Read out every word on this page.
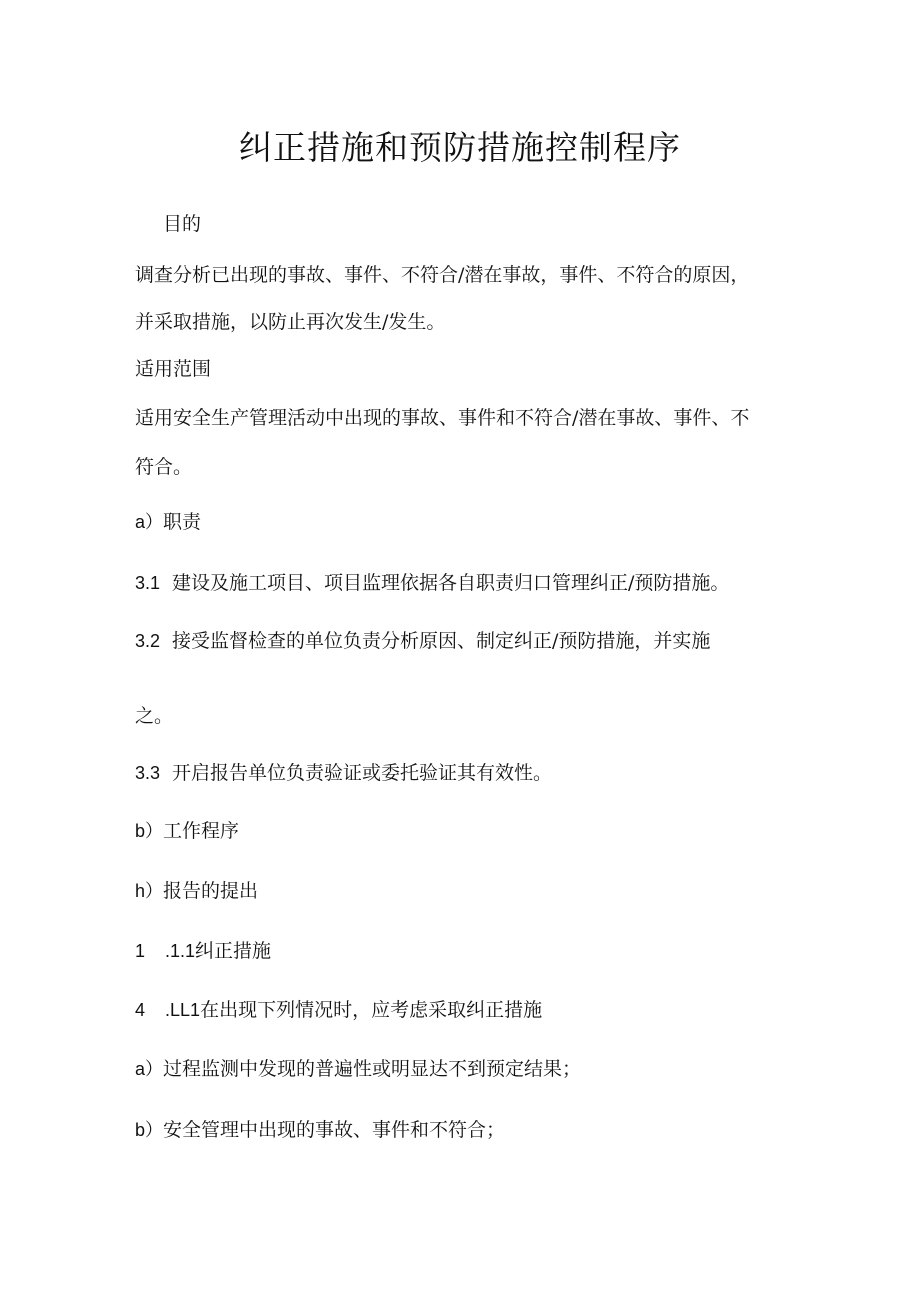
纠正措施和预防措施控制程序
目的
调查分析已出现的事故、事件、不符合/潜在事故，事件、不符合的原因，
并采取措施，以防止再次发生/发生。
适用范围
适用安全生产管理活动中出现的事故、事件和不符合/潜在事故、事件、不
符合。
a）职责
3.1 建设及施工项目、项目监理依据各自职责归口管理纠正/预防措施。
3.2 接受监督检查的单位负责分析原因、制定纠正/预防措施，并实施
之。
3.3 开启报告单位负责验证或委托验证其有效性。
b）工作程序
h）报告的提出
1 .1.1纠正措施
4 .LL1在出现下列情况时，应考虑采取纠正措施
a）过程监测中发现的普遍性或明显达不到预定结果；
b）安全管理中出现的事故、事件和不符合；
